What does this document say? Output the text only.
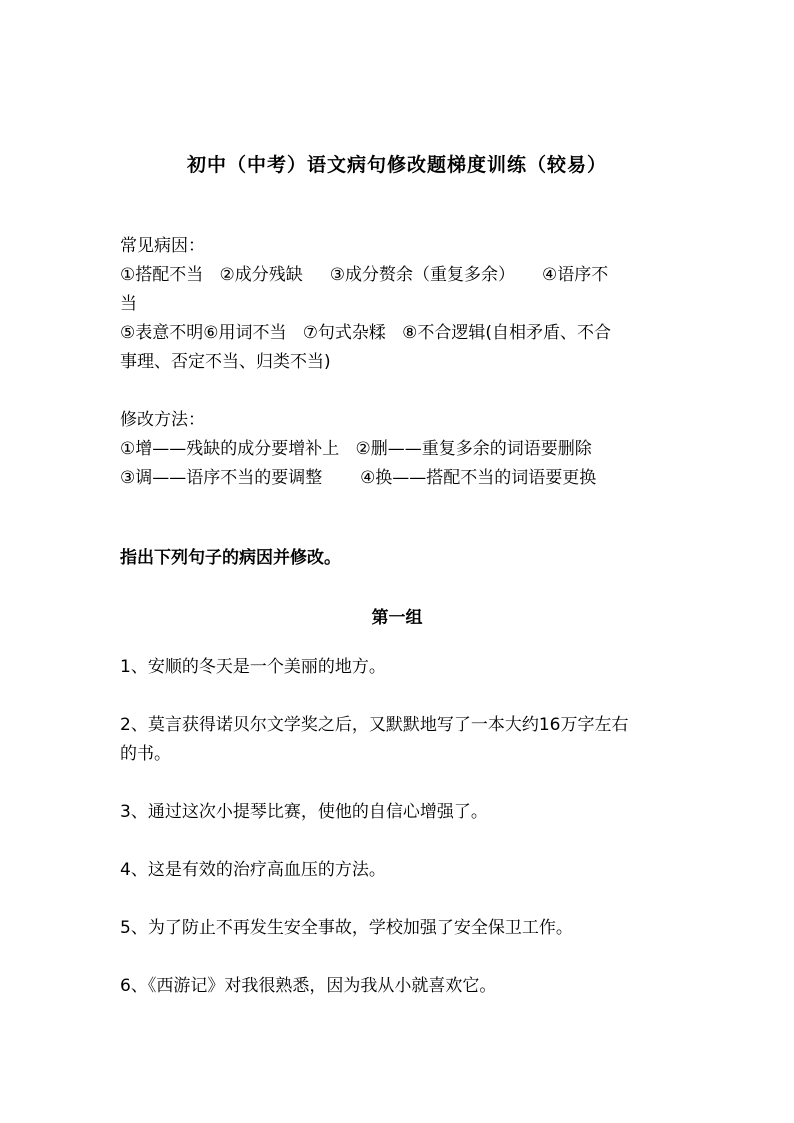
初中（中考）语文病句修改题梯度训练（较易）
常见病因：
①搭配不当   ②成分残缺     ③成分赘余（重复多余）     ④语序不
当
⑤表意不明⑥用词不当   ⑦句式杂糅   ⑧不合逻辑(自相矛盾、不合
事理、否定不当、归类不当)
修改方法：
①增——残缺的成分要增补上   ②删——重复多余的词语要删除
③调——语序不当的要调整       ④换——搭配不当的词语要更换
指出下列句子的病因并修改。
第一组
1、安顺的冬天是一个美丽的地方。
2、莫言获得诺贝尔文学奖之后，又默默地写了一本大约16万字左右
的书。
3、通过这次小提琴比赛，使他的自信心增强了。
4、这是有效的治疗高血压的方法。
5、为了防止不再发生安全事故，学校加强了安全保卫工作。
6、《西游记》对我很熟悉，因为我从小就喜欢它。
